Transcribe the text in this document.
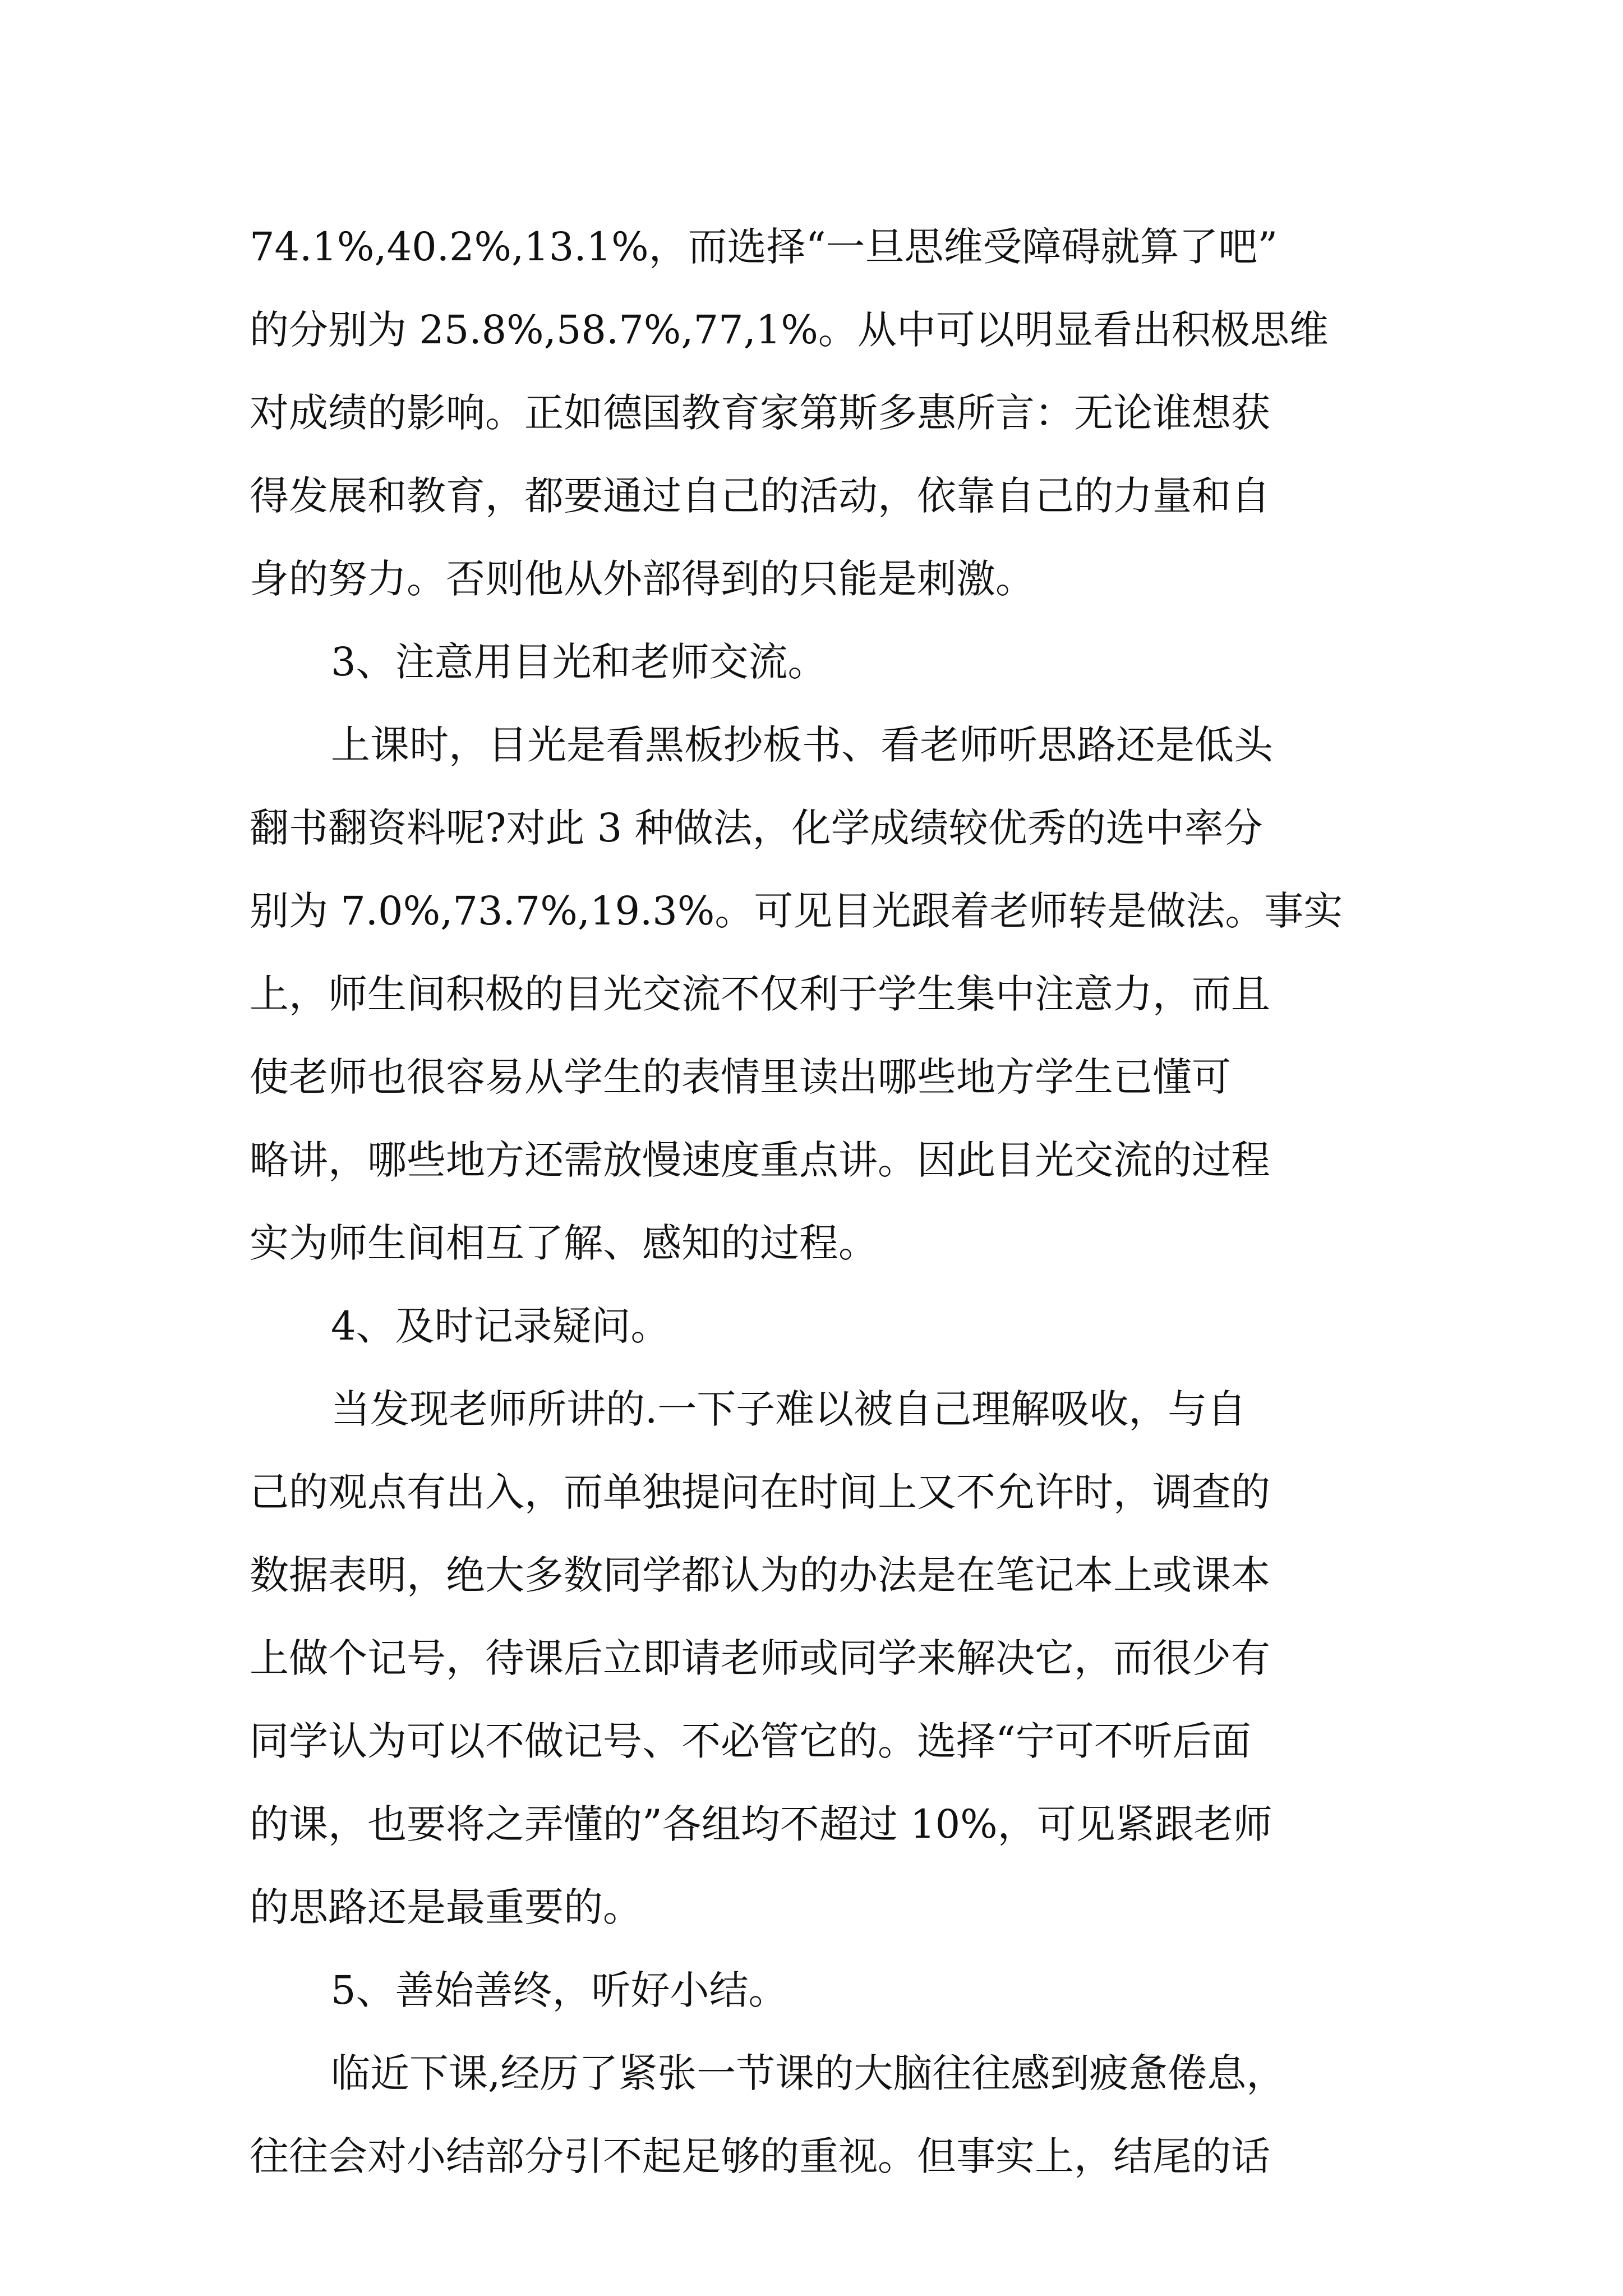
74.1%,40.2%,13.1%，而选择“一旦思维受障碍就算了吧”
的分别为 25.8%,58.7%,77,1%。从中可以明显看出积极思维
对成绩的影响。正如德国教育家第斯多惠所言：无论谁想获
得发展和教育，都要通过自己的活动，依靠自己的力量和自
身的努力。否则他从外部得到的只能是刺激。
3、注意用目光和老师交流。
上课时，目光是看黑板抄板书、看老师听思路还是低头
翻书翻资料呢?对此 3 种做法，化学成绩较优秀的选中率分
别为 7.0%,73.7%,19.3%。可见目光跟着老师转是做法。事实
上，师生间积极的目光交流不仅利于学生集中注意力，而且
使老师也很容易从学生的表情里读出哪些地方学生已懂可
略讲，哪些地方还需放慢速度重点讲。因此目光交流的过程
实为师生间相互了解、感知的过程。
4、及时记录疑问。
当发现老师所讲的.一下子难以被自己理解吸收，与自
己的观点有出入，而单独提问在时间上又不允许时，调查的
数据表明，绝大多数同学都认为的办法是在笔记本上或课本
上做个记号，待课后立即请老师或同学来解决它，而很少有
同学认为可以不做记号、不必管它的。选择“宁可不听后面
的课，也要将之弄懂的”各组均不超过 10%，可见紧跟老师
的思路还是最重要的。
5、善始善终，听好小结。
临近下课,经历了紧张一节课的大脑往往感到疲惫倦息，
往往会对小结部分引不起足够的重视。但事实上，结尾的话
